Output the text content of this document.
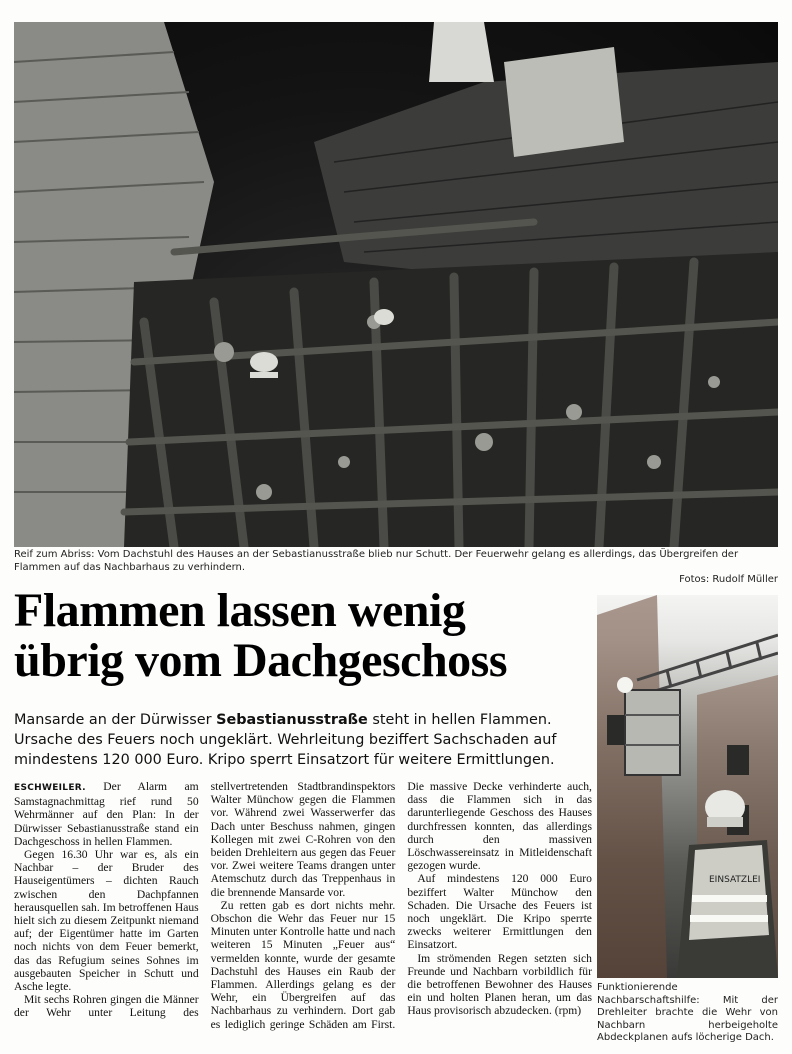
Reif zum Abriss: Vom Dachstuhl des Hauses an der Sebastianusstraße blieb nur Schutt. Der Feuerwehr gelang es allerdings, das Übergreifen der Flammen auf das Nachbarhaus zu verhindern.
Fotos: Rudolf Müller
Flammen lassen wenig
übrig vom Dachgeschoss

Mansarde an der Dürwisser Sebastianusstraße steht in hellen Flammen. Ursache des Feuers noch ungeklärt. Wehrleitung beziffert Sachschaden auf mindestens 120 000 Euro. Kripo sperrt Einsatzort für weitere Ermittlungen.

ESCHWEILER. Der Alarm am Samstagnachmittag rief rund 50 Wehrmänner auf den Plan: In der Dürwisser Sebastianusstraße stand ein Dachgeschoss in hellen Flammen.

Gegen 16.30 Uhr war es, als ein Nachbar – der Bruder des Hauseigentümers – dichten Rauch zwischen den Dachpfannen herausquellen sah. Im betroffenen Haus hielt sich zu diesem Zeitpunkt niemand auf; der Eigentümer hatte im Garten noch nichts von dem Feuer bemerkt, das das Refugium seines Sohnes im ausgebauten Speicher in Schutt und Asche legte.

Mit sechs Rohren gingen die Männer der Wehr unter Leitung des stellvertretenden Stadtbrandinspektors Walter Münchow gegen die Flammen vor. Während zwei Wasserwerfer das Dach unter Beschuss nahmen, gingen Kollegen mit zwei C-Rohren von den beiden Drehleitern aus gegen das Feuer vor. Zwei weitere Teams drangen unter Atemschutz durch das Treppenhaus in die brennende Mansarde vor.

Zu retten gab es dort nichts mehr. Obschon die Wehr das Feuer nur 15 Minuten unter Kontrolle hatte und nach weiteren 15 Minuten „Feuer aus“ vermelden konnte, wurde der gesamte Dachstuhl des Hauses ein Raub der Flammen. Allerdings gelang es der Wehr, ein Übergreifen auf das Nachbarhaus zu verhindern. Dort gab es lediglich geringe Schäden am First. Die massive Decke verhinderte auch, dass die Flammen sich in das darunterliegende Geschoss des Hauses durchfressen konnten, das allerdings durch den massiven Löschwassereinsatz in Mitleidenschaft gezogen wurde.

Auf mindestens 120 000 Euro beziffert Walter Münchow den Schaden. Die Ursache des Feuers ist noch ungeklärt. Die Kripo sperrte zwecks weiterer Ermittlungen den Einsatzort.

Im strömenden Regen setzten sich Freunde und Nachbarn vorbildlich für die betroffenen Bewohner des Hauses ein und holten Planen heran, um das Haus provisorisch abzudecken. (rpm)

EINSATZLEI

Funktionierende Nachbarschaftshilfe: Mit der Drehleiter brachte die Wehr von Nachbarn herbeigeholte Abdeckplanen aufs löcherige Dach.
